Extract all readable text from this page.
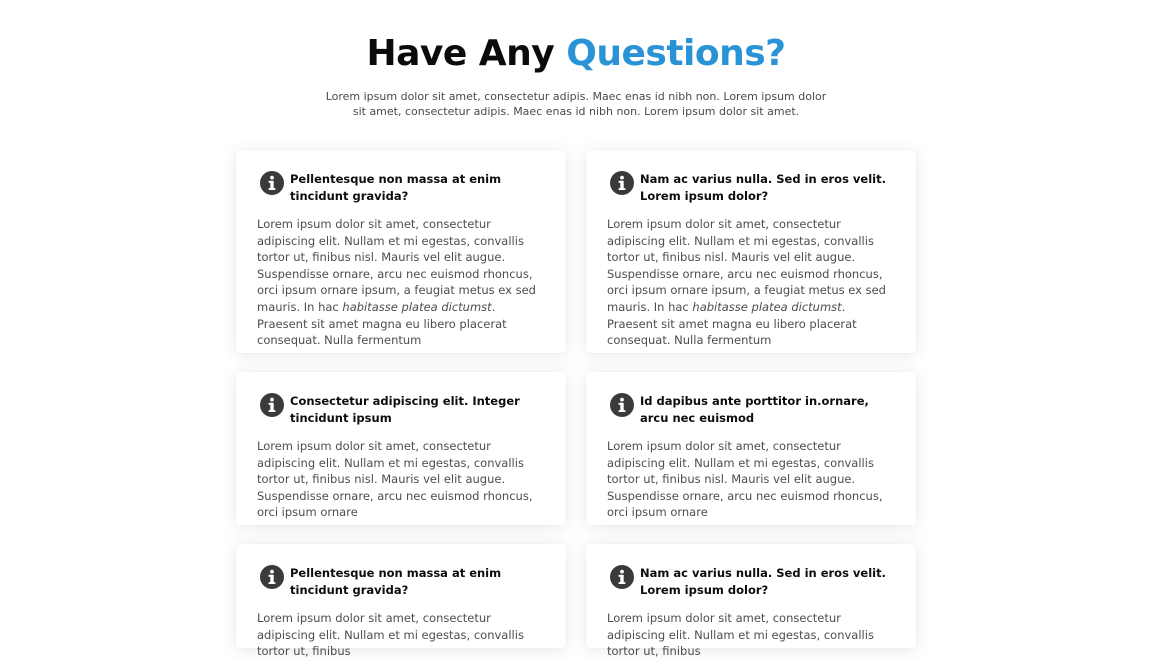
Have Any Questions?

Lorem ipsum dolor sit amet, consectetur adipis. Maec enas id nibh non. Lorem ipsum dolor sit amet, consectetur adipis. Maec enas id nibh non. Lorem ipsum dolor sit amet.

Pellentesque non massa at enim tincidunt gravida?

Lorem ipsum dolor sit amet, consectetur adipiscing elit. Nullam et mi egestas, convallis tortor ut, finibus nisl. Mauris vel elit augue. Suspendisse ornare, arcu nec euismod rhoncus, orci ipsum ornare ipsum, a feugiat metus ex sed mauris. In hac habitasse platea dictumst. Praesent sit amet magna eu libero placerat consequat. Nulla fermentum

Nam ac varius nulla. Sed in eros velit. Lorem ipsum dolor?

Lorem ipsum dolor sit amet, consectetur adipiscing elit. Nullam et mi egestas, convallis tortor ut, finibus nisl. Mauris vel elit augue. Suspendisse ornare, arcu nec euismod rhoncus, orci ipsum ornare ipsum, a feugiat metus ex sed mauris. In hac habitasse platea dictumst. Praesent sit amet magna eu libero placerat consequat. Nulla fermentum

Consectetur adipiscing elit. Integer tincidunt ipsum

Lorem ipsum dolor sit amet, consectetur adipiscing elit. Nullam et mi egestas, convallis tortor ut, finibus nisl. Mauris vel elit augue. Suspendisse ornare, arcu nec euismod rhoncus, orci ipsum ornare

Id dapibus ante porttitor in.ornare, arcu nec euismod

Lorem ipsum dolor sit amet, consectetur adipiscing elit. Nullam et mi egestas, convallis tortor ut, finibus nisl. Mauris vel elit augue. Suspendisse ornare, arcu nec euismod rhoncus, orci ipsum ornare

Pellentesque non massa at enim tincidunt gravida?

Lorem ipsum dolor sit amet, consectetur adipiscing elit. Nullam et mi egestas, convallis tortor ut, finibus

Nam ac varius nulla. Sed in eros velit. Lorem ipsum dolor?

Lorem ipsum dolor sit amet, consectetur adipiscing elit. Nullam et mi egestas, convallis tortor ut, finibus
